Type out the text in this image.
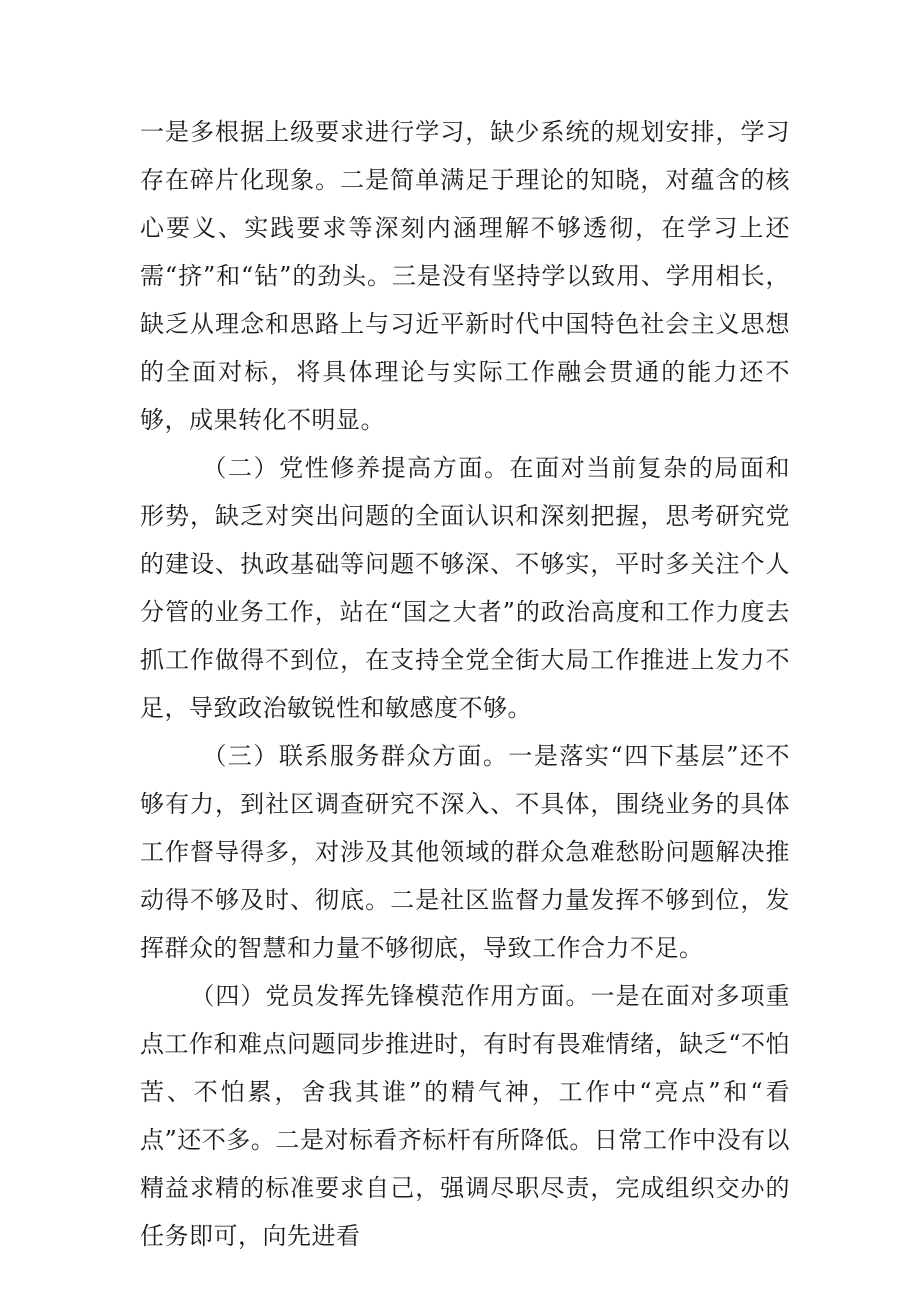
一是多根据上级要求进行学习，缺少系统的规划安排，学习存在碎片化现象。二是简单满足于理论的知晓，对蕴含的核心要义、实践要求等深刻内涵理解不够透彻，在学习上还需“挤”和“钻”的劲头。三是没有坚持学以致用、学用相长，缺乏从理念和思路上与习近平新时代中国特色社会主义思想的全面对标，将具体理论与实际工作融会贯通的能力还不够，成果转化不明显。

（二）党性修养提高方面。在面对当前复杂的局面和形势，缺乏对突出问题的全面认识和深刻把握，思考研究党的建设、执政基础等问题不够深、不够实，平时多关注个人分管的业务工作，站在“国之大者”的政治高度和工作力度去抓工作做得不到位，在支持全党全街大局工作推进上发力不足，导致政治敏锐性和敏感度不够。

（三）联系服务群众方面。一是落实“四下基层”还不够有力，到社区调查研究不深入、不具体，围绕业务的具体工作督导得多，对涉及其他领域的群众急难愁盼问题解决推动得不够及时、彻底。二是社区监督力量发挥不够到位，发挥群众的智慧和力量不够彻底，导致工作合力不足。

（四）党员发挥先锋模范作用方面。一是在面对多项重点工作和难点问题同步推进时，有时有畏难情绪，缺乏“不怕苦、不怕累，舍我其谁”的精气神，工作中“亮点”和“看点”还不多。二是对标看齐标杆有所降低。日常工作中没有以精益求精的标准要求自己，强调尽职尽责，完成组织交办的任务即可，向先进看
